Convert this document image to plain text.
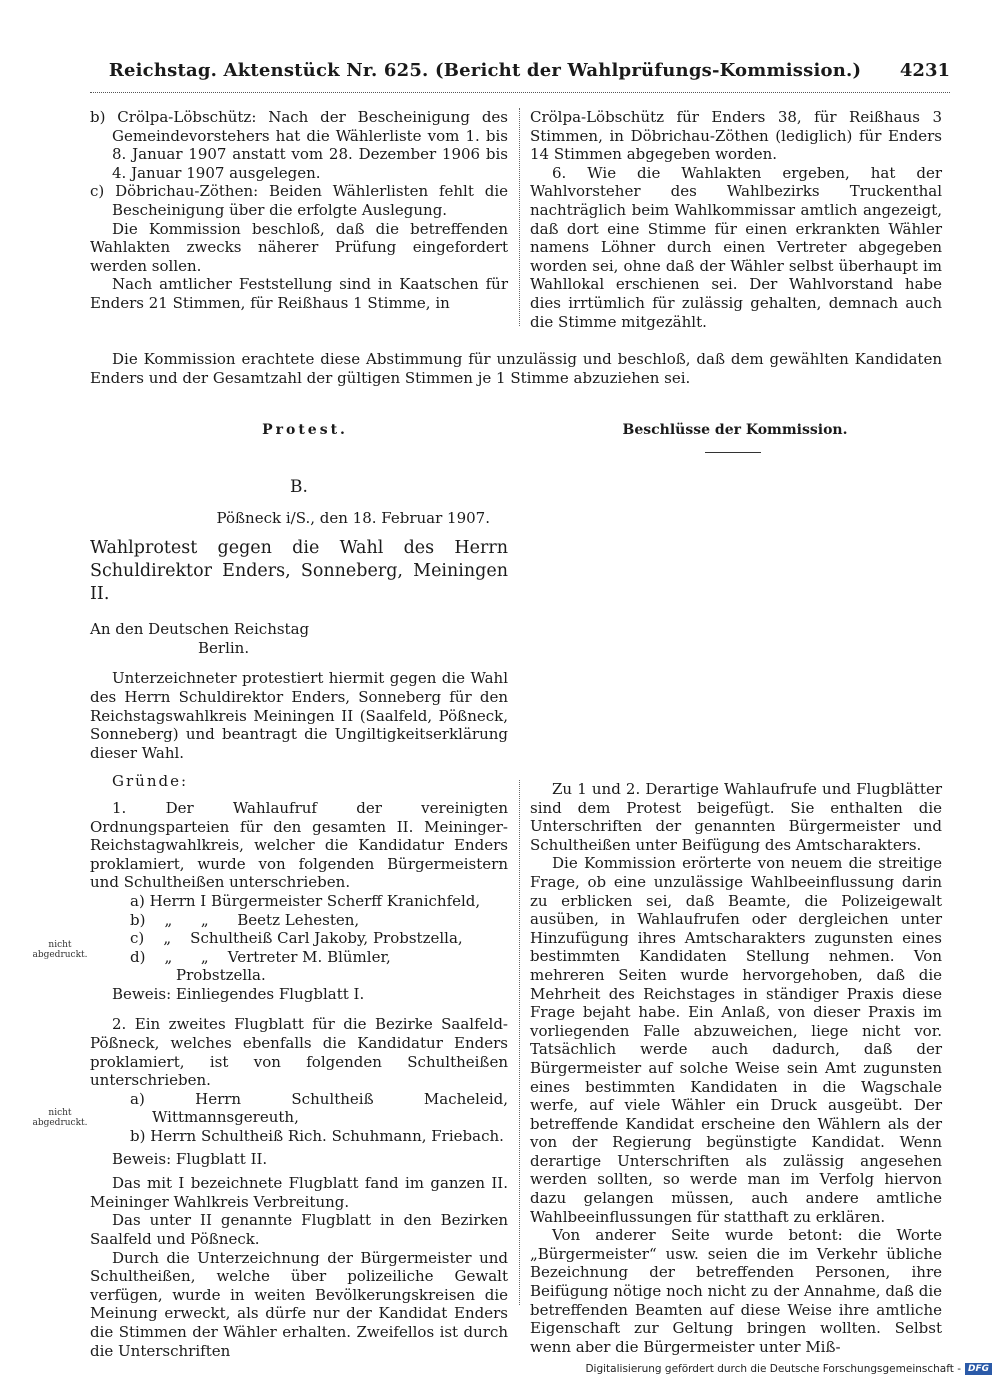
Reichstag. Aktenstück Nr. 625. (Bericht der Wahlprüfungs-Kommission.)	4231

b) Crölpa-Löbschütz: Nach der Bescheinigung des Gemeindevorstehers hat die Wählerliste vom 1. bis 8. Januar 1907 anstatt vom 28. Dezember 1906 bis 4. Januar 1907 ausgelegen.

c) Döbrichau-Zöthen: Beiden Wählerlisten fehlt die Bescheinigung über die erfolgte Auslegung.

Die Kommission beschloß, daß die betreffenden Wahlakten zwecks näherer Prüfung eingefordert werden sollen.

Nach amtlicher Feststellung sind in Kaatschen für Enders 21 Stimmen, für Reißhaus 1 Stimme, in

Crölpa-Löbschütz für Enders 38, für Reißhaus 3 Stimmen, in Döbrichau-Zöthen (lediglich) für Enders 14 Stimmen abgegeben worden.

6. Wie die Wahlakten ergeben, hat der Wahlvorsteher des Wahlbezirks Truckenthal nachträglich beim Wahlkommissar amtlich angezeigt, daß dort eine Stimme für einen erkrankten Wähler namens Löhner durch einen Vertreter abgegeben worden sei, ohne daß der Wähler selbst überhaupt im Wahllokal erschienen sei. Der Wahlvorstand habe dies irrtümlich für zulässig gehalten, demnach auch die Stimme mitgezählt.

Die Kommission erachtete diese Abstimmung für unzulässig und beschloß, daß dem gewählten Kandidaten Enders und der Gesamtzahl der gültigen Stimmen je 1 Stimme abzuziehen sei.

Protest.	Beschlüsse der Kommission.

B.

Pößneck i/S., den 18. Februar 1907.

Wahlprotest gegen die Wahl des Herrn Schuldirektor Enders, Sonneberg, Meiningen II.

An den Deutschen Reichstag

Berlin.

Unterzeichneter protestiert hiermit gegen die Wahl des Herrn Schuldirektor Enders, Sonneberg für den Reichstagswahlkreis Meiningen II (Saalfeld, Pößneck, Sonneberg) und beantragt die Ungiltigkeitserklärung dieser Wahl.

Gründe:

1. Der Wahlaufruf der vereinigten Ordnungsparteien für den gesamten II. Meininger-Reichstagwahlkreis, welcher die Kandidatur Enders proklamiert, wurde von folgenden Bürgermeistern und Schultheißen unterschrieben.

a) Herrn I Bürgermeister Scherff Kranichfeld,

b)    „      „      Beetz Lehesten,

c)    „    Schultheiß Carl Jakoby, Probstzella,

d)    „      „    Vertreter M. Blümler,

Probstzella.

Beweis: Einliegendes Flugblatt I.

2. Ein zweites Flugblatt für die Bezirke Saalfeld-Pößneck, welches ebenfalls die Kandidatur Enders proklamiert, ist von folgenden Schultheißen unterschrieben.

a) Herrn Schultheiß Macheleid, Wittmannsgereuth,

b) Herrn Schultheiß Rich. Schuhmann, Friebach.

Beweis: Flugblatt II.

Das mit I bezeichnete Flugblatt fand im ganzen II. Meininger Wahlkreis Verbreitung.

Das unter II genannte Flugblatt in den Bezirken Saalfeld und Pößneck.

Durch die Unterzeichnung der Bürgermeister und Schultheißen, welche über polizeiliche Gewalt verfügen, wurde in weiten Bevölkerungskreisen die Meinung erweckt, als dürfe nur der Kandidat Enders die Stimmen der Wähler erhalten. Zweifellos ist durch die Unterschriften

nicht abgedruckt.
nicht abgedruckt.

Zu 1 und 2. Derartige Wahlaufrufe und Flugblätter sind dem Protest beigefügt. Sie enthalten die Unterschriften der genannten Bürgermeister und Schultheißen unter Beifügung des Amtscharakters.

Die Kommission erörterte von neuem die streitige Frage, ob eine unzulässige Wahlbeeinflussung darin zu erblicken sei, daß Beamte, die Polizeigewalt ausüben, in Wahlaufrufen oder dergleichen unter Hinzufügung ihres Amtscharakters zugunsten eines bestimmten Kandidaten Stellung nehmen. Von mehreren Seiten wurde hervorgehoben, daß die Mehrheit des Reichstages in ständiger Praxis diese Frage bejaht habe. Ein Anlaß, von dieser Praxis im vorliegenden Falle abzuweichen, liege nicht vor. Tatsächlich werde auch dadurch, daß der Bürgermeister auf solche Weise sein Amt zugunsten eines bestimmten Kandidaten in die Wagschale werfe, auf viele Wähler ein Druck ausgeübt. Der betreffende Kandidat erscheine den Wählern als der von der Regierung begünstigte Kandidat. Wenn derartige Unterschriften als zulässig angesehen werden sollten, so werde man im Verfolg hiervon dazu gelangen müssen, auch andere amtliche Wahlbeeinflussungen für statthaft zu erklären.

Von anderer Seite wurde betont: die Worte „Bürgermeister“ usw. seien die im Verkehr übliche Bezeichnung der betreffenden Personen, ihre Beifügung nötige noch nicht zu der Annahme, daß die betreffenden Beamten auf diese Weise ihre amtliche Eigenschaft zur Geltung bringen wollten. Selbst wenn aber die Bürgermeister unter Miß-

Digitalisierung gefördert durch die Deutsche Forschungsgemeinschaft - DFG
